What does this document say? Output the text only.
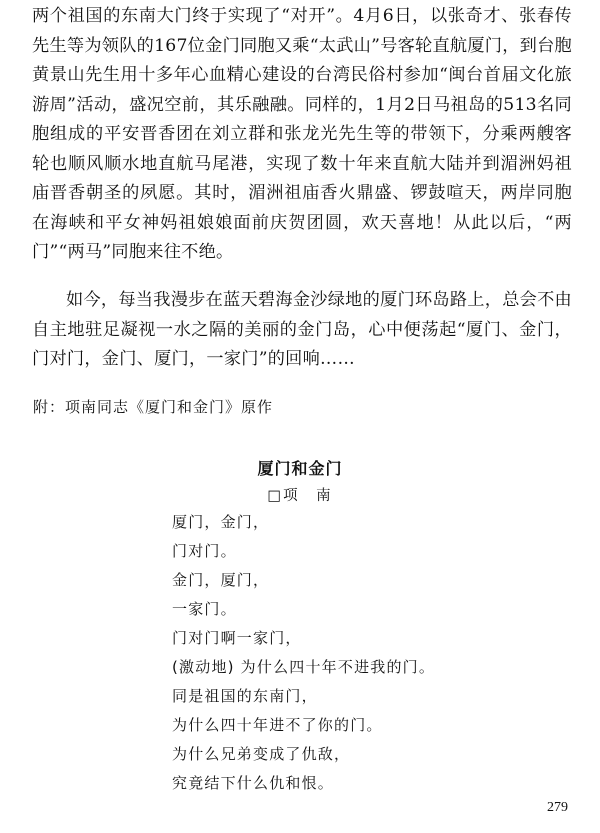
两个祖国的东南大门终于实现了“对开”。4月6日，以张奇才、张春传先生等为领队的167位金门同胞又乘“太武山”号客轮直航厦门，到台胞黄景山先生用十多年心血精心建设的台湾民俗村参加“闽台首届文化旅游周”活动，盛况空前，其乐融融。同样的，1月2日马祖岛的513名同胞组成的平安晋香团在刘立群和张龙光先生等的带领下，分乘两艘客轮也顺风顺水地直航马尾港，实现了数十年来直航大陆并到湄洲妈祖庙晋香朝圣的夙愿。其时，湄洲祖庙香火鼎盛、锣鼓喧天，两岸同胞在海峡和平女神妈祖娘娘面前庆贺团圆，欢天喜地！从此以后，“两门”“两马”同胞来往不绝。

如今，每当我漫步在蓝天碧海金沙绿地的厦门环岛路上，总会不由自主地驻足凝视一水之隔的美丽的金门岛，心中便荡起“厦门、金门，门对门，金门、厦门，一家门”的回响……

附：项南同志《厦门和金门》原作

厦门和金门

□项　南

厦门，金门，
门对门。
金门，厦门，
一家门。
门对门啊一家门，
(激动地) 为什么四十年不进我的门。
同是祖国的东南门，
为什么四十年进不了你的门。
为什么兄弟变成了仇敌，
究竟结下什么仇和恨。

279
